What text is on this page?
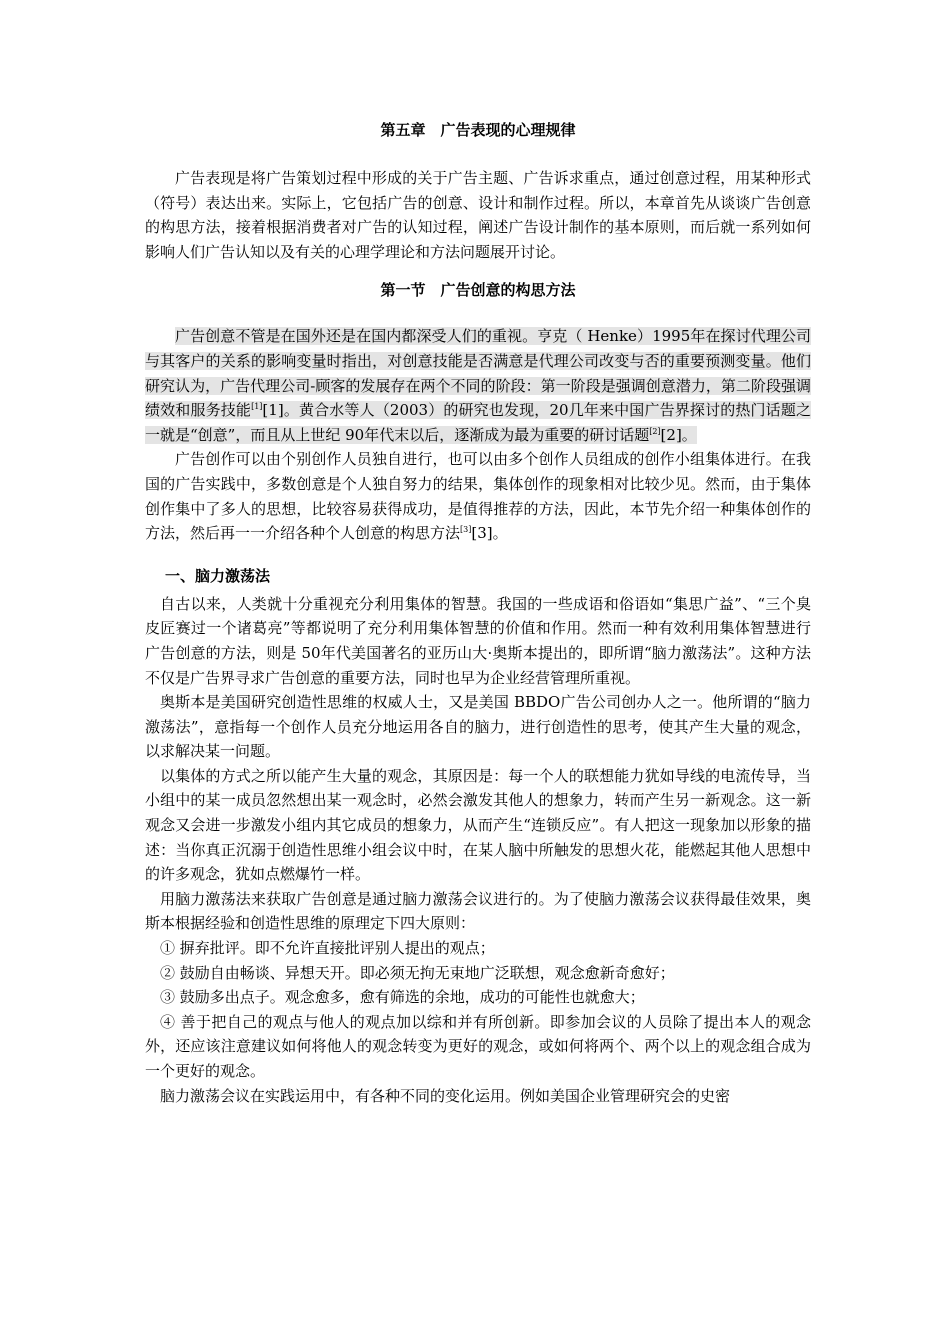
第五章　广告表现的心理规律

广告表现是将广告策划过程中形成的关于广告主题、广告诉求重点，通过创意过程，用某种形式（符号）表达出来。实际上，它包括广告的创意、设计和制作过程。所以，本章首先从谈谈广告创意的构思方法，接着根据消费者对广告的认知过程，阐述广告设计制作的基本原则，而后就一系列如何影响人们广告认知以及有关的心理学理论和方法问题展开讨论。

第一节　广告创意的构思方法

广告创意不管是在国外还是在国内都深受人们的重视。亨克（ Henke）1995年在探讨代理公司与其客户的关系的影响变量时指出，对创意技能是否满意是代理公司改变与否的重要预测变量。他们研究认为，广告代理公司-顾客的发展存在两个不同的阶段：第一阶段是强调创意潜力，第二阶段强调绩效和服务技能[1][1]。黄合水等人（2003）的研究也发现，20几年来中国广告界探讨的热门话题之一就是“创意”，而且从上世纪 90年代末以后，逐渐成为最为重要的研讨话题[2][2]。

广告创作可以由个别创作人员独自进行，也可以由多个创作人员组成的创作小组集体进行。在我国的广告实践中，多数创意是个人独自努力的结果，集体创作的现象相对比较少见。然而，由于集体创作集中了多人的思想，比较容易获得成功，是值得推荐的方法，因此，本节先介绍一种集体创作的方法，然后再一一介绍各种个人创意的构思方法[3][3]。

一、脑力激荡法

自古以来，人类就十分重视充分利用集体的智慧。我国的一些成语和俗语如“集思广益”、“三个臭皮匠赛过一个诸葛亮”等都说明了充分利用集体智慧的价值和作用。然而一种有效利用集体智慧进行广告创意的方法，则是 50年代美国著名的亚历山大·奥斯本提出的，即所谓“脑力激荡法”。这种方法不仅是广告界寻求广告创意的重要方法，同时也早为企业经营管理所重视。

奥斯本是美国研究创造性思维的权威人士，又是美国 BBDO广告公司创办人之一。他所谓的“脑力激荡法”，意指每一个创作人员充分地运用各自的脑力，进行创造性的思考，使其产生大量的观念，以求解决某一问题。

以集体的方式之所以能产生大量的观念，其原因是：每一个人的联想能力犹如导线的电流传导，当小组中的某一成员忽然想出某一观念时，必然会激发其他人的想象力，转而产生另一新观念。这一新观念又会进一步激发小组内其它成员的想象力，从而产生“连锁反应”。有人把这一现象加以形象的描述：当你真正沉溺于创造性思维小组会议中时，在某人脑中所触发的思想火花，能燃起其他人思想中的许多观念，犹如点燃爆竹一样。

用脑力激荡法来获取广告创意是通过脑力激荡会议进行的。为了使脑力激荡会议获得最佳效果，奥斯本根据经验和创造性思维的原理定下四大原则：

① 摒弃批评。即不允许直接批评别人提出的观点；

② 鼓励自由畅谈、异想天开。即必须无拘无束地广泛联想，观念愈新奇愈好；

③ 鼓励多出点子。观念愈多，愈有筛选的余地，成功的可能性也就愈大；

④ 善于把自己的观点与他人的观点加以综和并有所创新。即参加会议的人员除了提出本人的观念外，还应该注意建议如何将他人的观念转变为更好的观念，或如何将两个、两个以上的观念组合成为一个更好的观念。

脑力激荡会议在实践运用中，有各种不同的变化运用。例如美国企业管理研究会的史密
